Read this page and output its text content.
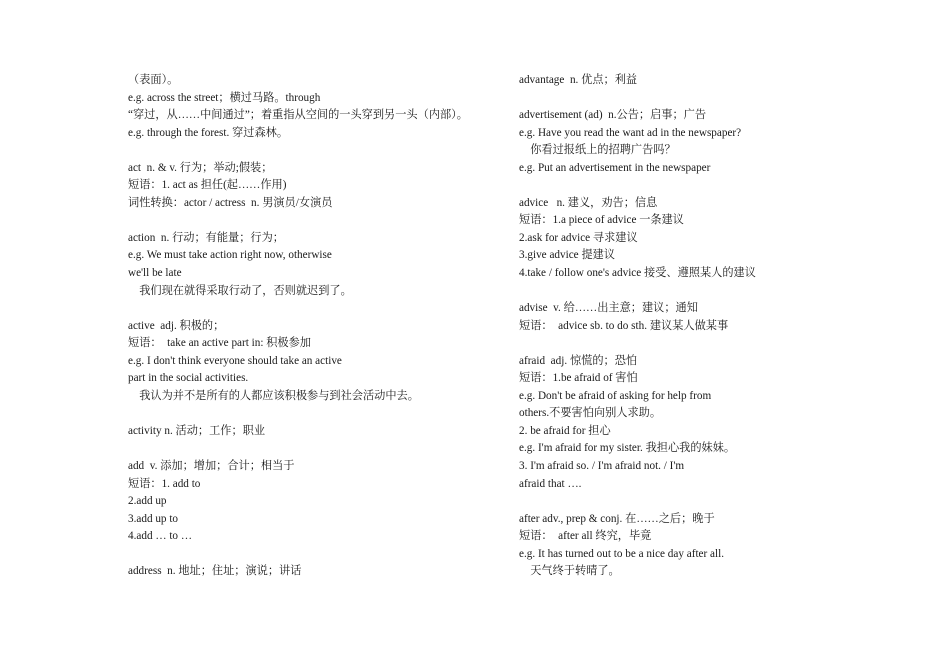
（表面）。
e.g. across the street；横过马路。through
“穿过，从……中间通过”；着重指从空间的一头穿到另一头（内部）。
e.g. through the forest. 穿过森林。
act  n. & v. 行为；举动;假装；
短语：1. act as 担任(起……作用)
词性转换：actor / actress  n. 男演员/女演员
action  n. 行动；有能量；行为；
e.g. We must take action right now, otherwise
we'll be late
我们现在就得采取行动了，否则就迟到了。
active  adj. 积极的；
短语：  take an active part in: 积极参加
e.g. I don't think everyone should take an active
part in the social activities.
我认为并不是所有的人都应该积极参与到社会活动中去。
activity n. 活动；工作；职业
add  v. 添加；增加；合计；相当于
短语：1. add to
2.add up
3.add up to
4.add … to …
address  n. 地址；住址；演说；讲话
advantage  n. 优点；利益
advertisement (ad)  n.公告；启事；广告
e.g. Have you read the want ad in the newspaper?
你看过报纸上的招聘广告吗？
e.g. Put an advertisement in the newspaper
advice   n. 建义，劝告；信息
短语：1.a piece of advice 一条建议
2.ask for advice 寻求建议
3.give advice 提建议
4.take / follow one's advice 接受、遵照某人的建议
advise  v. 给……出主意；建议；通知
短语：  advice sb. to do sth. 建议某人做某事
afraid  adj. 惊慌的；恐怕
短语：1.be afraid of 害怕
e.g. Don't be afraid of asking for help from
others.不要害怕向别人求助。
2. be afraid for 担心
e.g. I'm afraid for my sister. 我担心我的妹妹。
3. I'm afraid so. / I'm afraid not. / I'm
afraid that ….
after adv., prep & conj. 在……之后；晚于
短语：  after all 终究，毕竟
e.g. It has turned out to be a nice day after all.
天气终于转晴了。
